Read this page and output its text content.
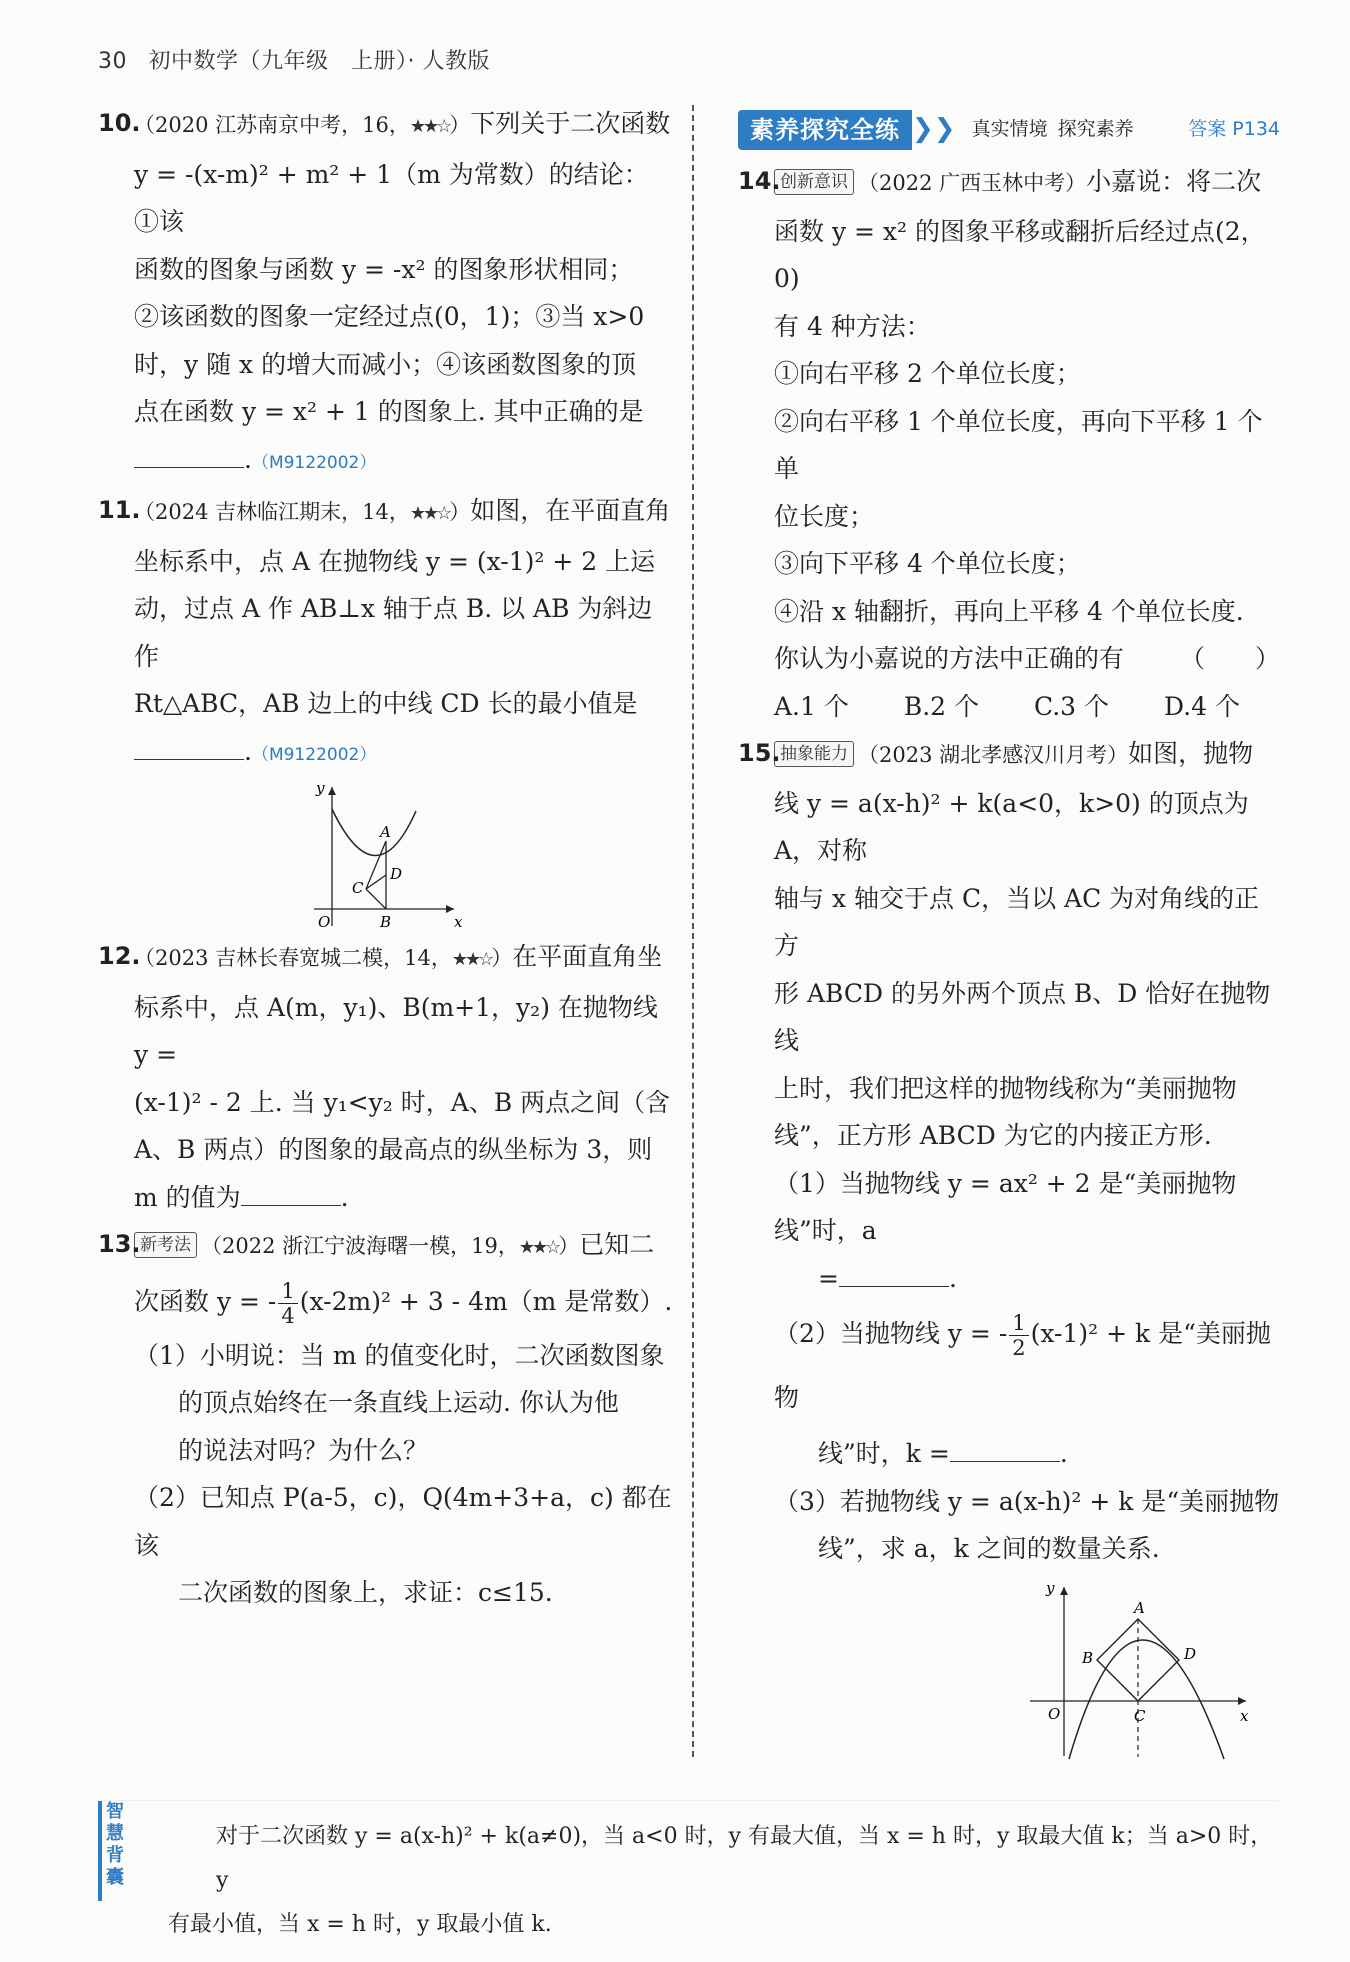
30 初中数学（九年级　上册）· 人教版
10.
（2020 江苏南京中考，16，★★☆）下列关于二次函数
y = -(x-m)² + m² + 1（m 为常数）的结论：①该
函数的图象与函数 y = -x² 的图象形状相同；
②该函数的图象一定经过点(0，1)；③当 x>0
时，y 随 x 的增大而减小；④该函数图象的顶
点在函数 y = x² + 1 的图象上. 其中正确的是
.（M9122002）
11.
（2024 吉林临江期末，14，★★☆）如图，在平面直角
坐标系中，点 A 在抛物线 y = (x-1)² + 2 上运
动，过点 A 作 AB⊥x 轴于点 B. 以 AB 为斜边作
Rt△ABC，AB 边上的中线 CD 长的最小值是
.（M9122002）
y
x
O
A
B
C
D
12.
（2023 吉林长春宽城二模，14，★★☆）在平面直角坐
标系中，点 A(m，y₁)、B(m+1，y₂) 在抛物线 y =
(x-1)² - 2 上. 当 y₁<y₂ 时，A、B 两点之间（含
A、B 两点）的图象的最高点的纵坐标为 3，则
m 的值为	.
13. 新考法 （2022 浙江宁波海曙一模，19，★★☆）已知二
次函数 y = - $\frac{1}{4} (x-2m)^2 + 3 - 4m(m$ 是常数）.
（1）小明说：当 m 的值变化时，二次函数图象
的顶点始终在一条直线上运动. 你认为他
的说法对吗？为什么？
（2）已知点 P(a-5，c)，Q(4m+3+a，c) 都在该
二次函数的图象上，求证：c≤15.
素养探究全练 ❯❯ 真实情境 探究素养	答案 P134
14. 创新意识 （2022 广西玉林中考）小嘉说：将二次
函数 y = x² 的图象平移或翻折后经过点(2，0)
有 4 种方法：
①向右平移 2 个单位长度；
②向右平移 1 个单位长度，再向下平移 1 个单
位长度；
③向下平移 4 个单位长度；
④沿 x 轴翻折，再向上平移 4 个单位长度.
你认为小嘉说的方法中正确的有 （　　）
A.1 个 B.2 个 C.3 个 D.4 个
15. 抽象能力 （2023 湖北孝感汉川月考）如图，抛物
线 y = a(x-h)² + k(a<0，k>0) 的顶点为 A，对称
轴与 x 轴交于点 C，当以 AC 为对角线的正方
形 ABCD 的另外两个顶点 B、D 恰好在抛物线
上时，我们把这样的抛物线称为“美丽抛物
线”，正方形 ABCD 为它的内接正方形.
（1）当抛物线 y = ax² + 2 是“美丽抛物线”时，a
=	.
（2）当抛物线 y = - $\frac{1}{2} (x-1)^2 + k$ 是“美丽抛物
线”时，k =	.
（3）若抛物线 y = a(x-h)² + k 是“美丽抛物
线”，求 a，k 之间的数量关系.
y
x
O
A
B
C
D
智慧背囊
对于二次函数 y = a(x-h)² + k(a≠0)，当 a<0 时，y 有最大值，当 x = h 时，y 取最大值 k；当 a>0 时，y
有最小值，当 x = h 时，y 取最小值 k.
